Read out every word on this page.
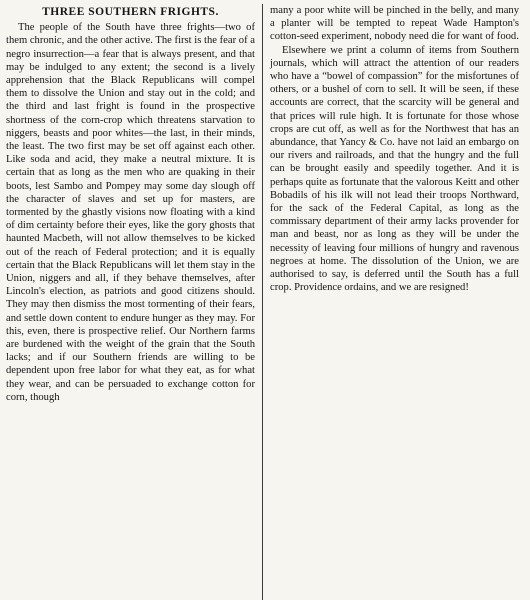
THREE SOUTHERN FRIGHTS.

The people of the South have three frights—two of them chronic, and the other active. The first is the fear of a negro insurrection—a fear that is always present, and that may be indulged to any extent; the second is a lively apprehension that the Black Republicans will compel them to dissolve the Union and stay out in the cold; and the third and last fright is found in the prospective shortness of the corn-crop which threatens starvation to niggers, beasts and poor whites—the last, in their minds, the least. The two first may be set off against each other. Like soda and acid, they make a neutral mixture. It is certain that as long as the men who are quaking in their boots, lest Sambo and Pompey may some day slough off the character of slaves and set up for masters, are tormented by the ghastly visions now floating with a kind of dim certainty before their eyes, like the gory ghosts that haunted Macbeth, will not allow themselves to be kicked out of the reach of Federal protection; and it is equally certain that the Black Republicans will let them stay in the Union, niggers and all, if they behave themselves, after Lincoln's election, as patriots and good citizens should. They may then dismiss the most tormenting of their fears, and settle down content to endure hunger as they may. For this, even, there is prospective relief. Our Northern farms are burdened with the weight of the grain that the South lacks; and if our Southern friends are willing to be dependent upon free labor for what they eat, as for what they wear, and can be persuaded to exchange cotton for corn, though

many a poor white will be pinched in the belly, and many a planter will be tempted to repeat Wade Hampton's cotton-seed experiment, nobody need die for want of food.

Elsewhere we print a column of items from Southern journals, which will attract the attention of our readers who have a “bowel of compassion” for the misfortunes of others, or a bushel of corn to sell. It will be seen, if these accounts are correct, that the scarcity will be general and that prices will rule high. It is fortunate for those whose crops are cut off, as well as for the Northwest that has an abundance, that Yancy & Co. have not laid an embargo on our rivers and railroads, and that the hungry and the full can be brought easily and speedily together. And it is perhaps quite as fortunate that the valorous Keitt and other Bobadils of his ilk will not lead their troops Northward, for the sack of the Federal Capital, as long as the commissary department of their army lacks provender for man and beast, nor as long as they will be under the necessity of leaving four millions of hungry and ravenous negroes at home. The dissolution of the Union, we are authorised to say, is deferred until the South has a full crop. Providence ordains, and we are resigned!
